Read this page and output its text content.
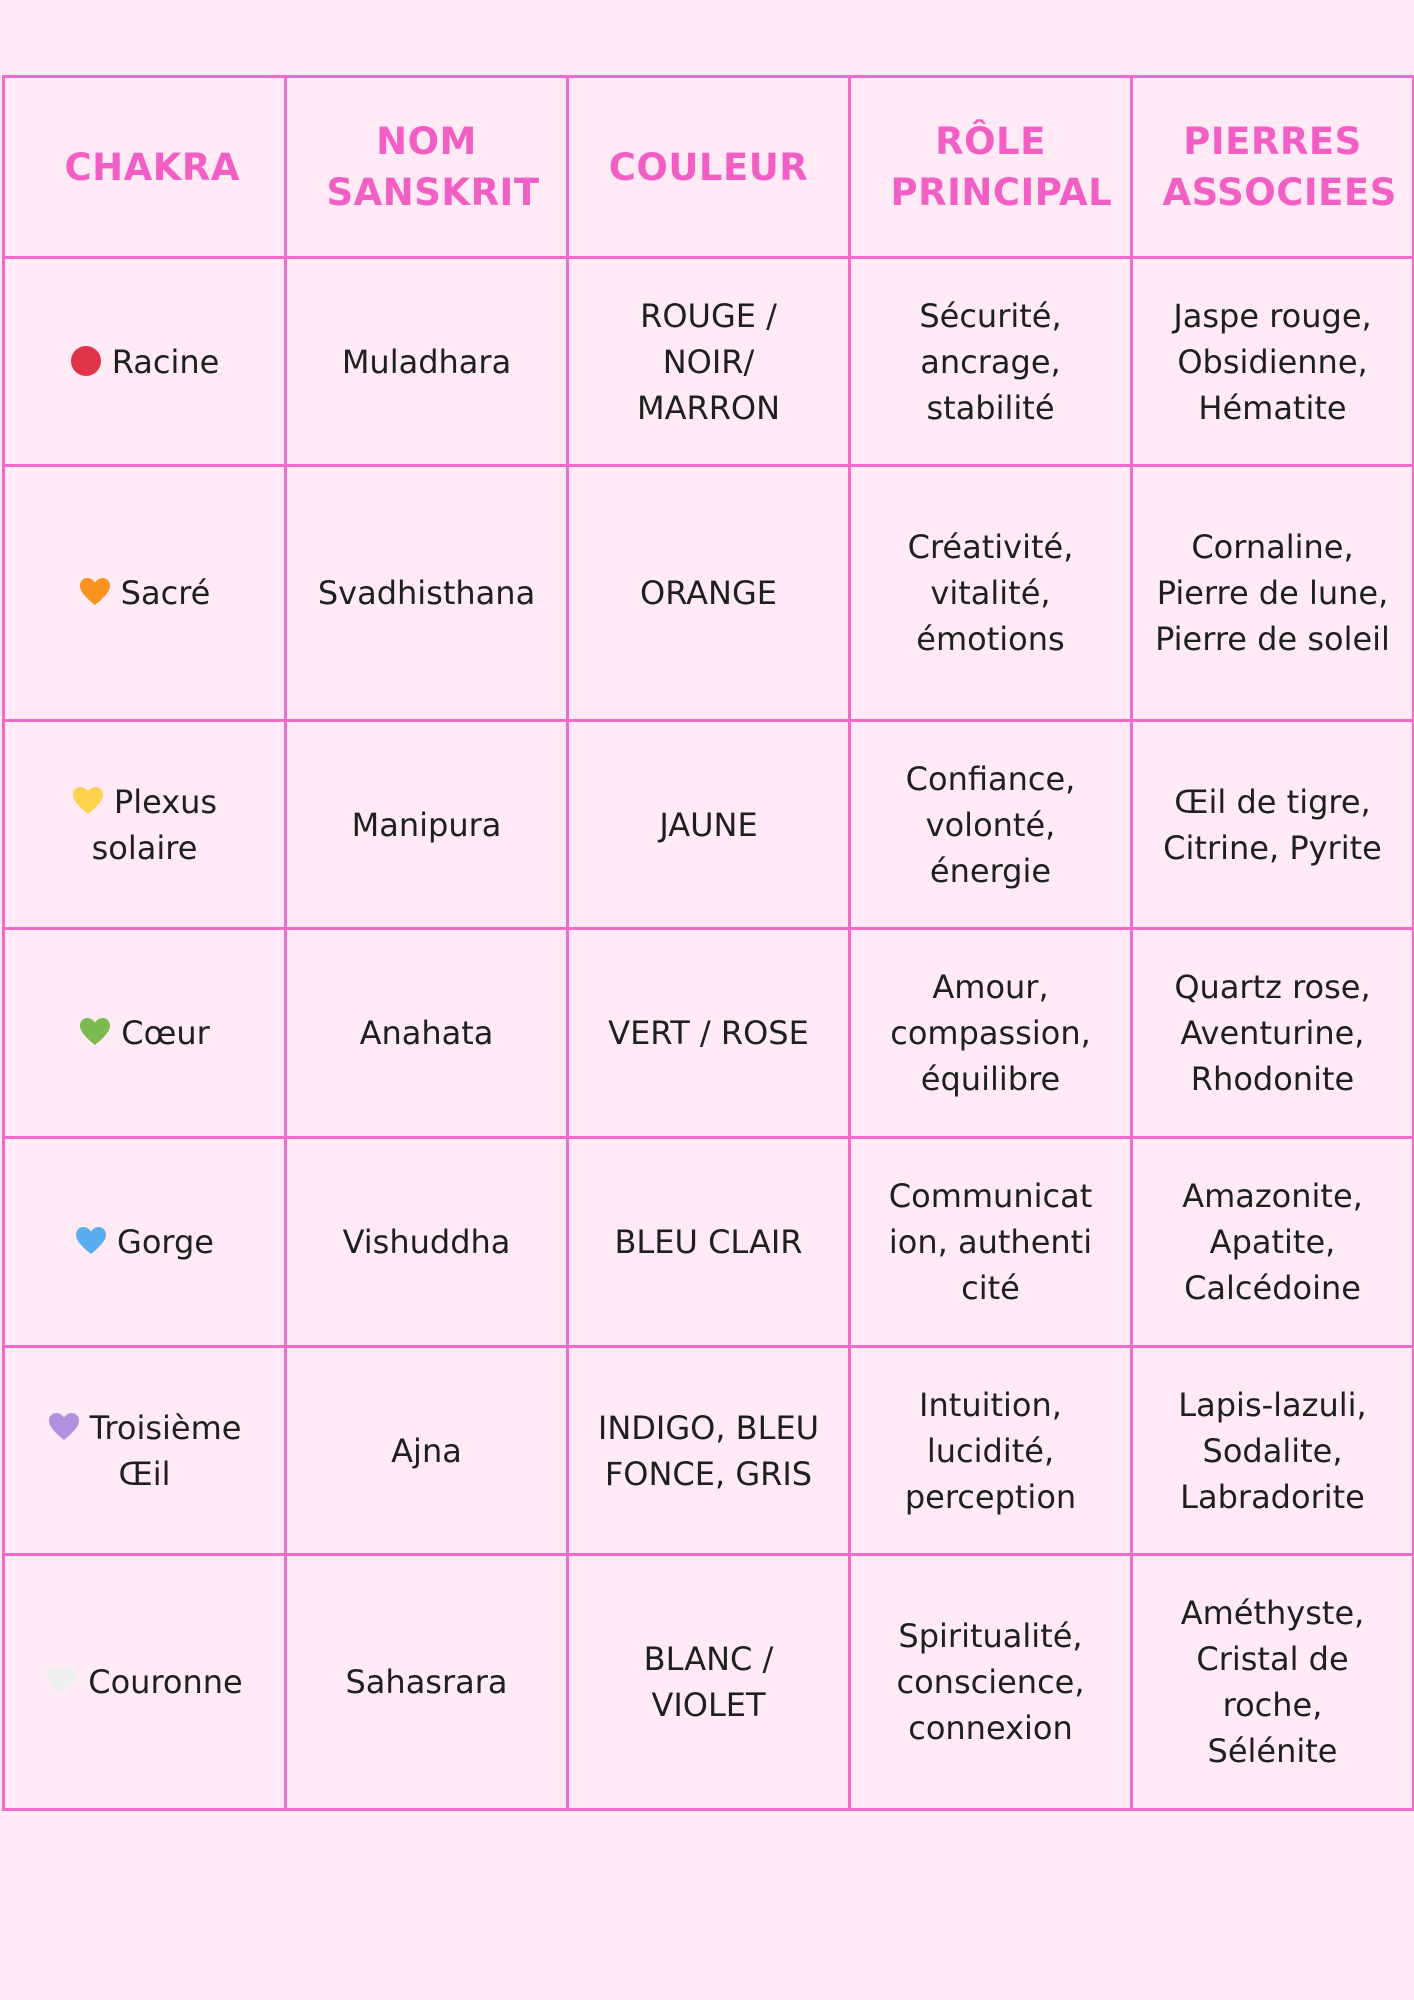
CHAKRA	NOM SANSKRIT	COULEUR	RÔLE PRINCIPAL	PIERRES ASSOCIEES

Racine	Muladhara	ROUGE / NOIR/ MARRON	Sécurité, ancrage, stabilité	Jaspe rouge, Obsidienne, Hématite

Sacré	Svadhisthana	ORANGE	Créativité, vitalité, émotions	Cornaline, Pierre de lune, Pierre de soleil

Plexus solaire	Manipura	JAUNE	Confiance, volonté, énergie	Œil de tigre, Citrine, Pyrite

Cœur	Anahata	VERT / ROSE	Amour, compassion, équilibre	Quartz rose, Aventurine, Rhodonite

Gorge	Vishuddha	BLEU CLAIR	Communication, authenticité	Amazonite, Apatite, Calcédoine

Troisième Œil	Ajna	INDIGO, BLEU FONCE, GRIS	Intuition, lucidité, perception	Lapis-lazuli, Sodalite, Labradorite

Couronne	Sahasrara	BLANC / VIOLET	Spiritualité, conscience, connexion	Améthyste, Cristal de roche, Sélénite
